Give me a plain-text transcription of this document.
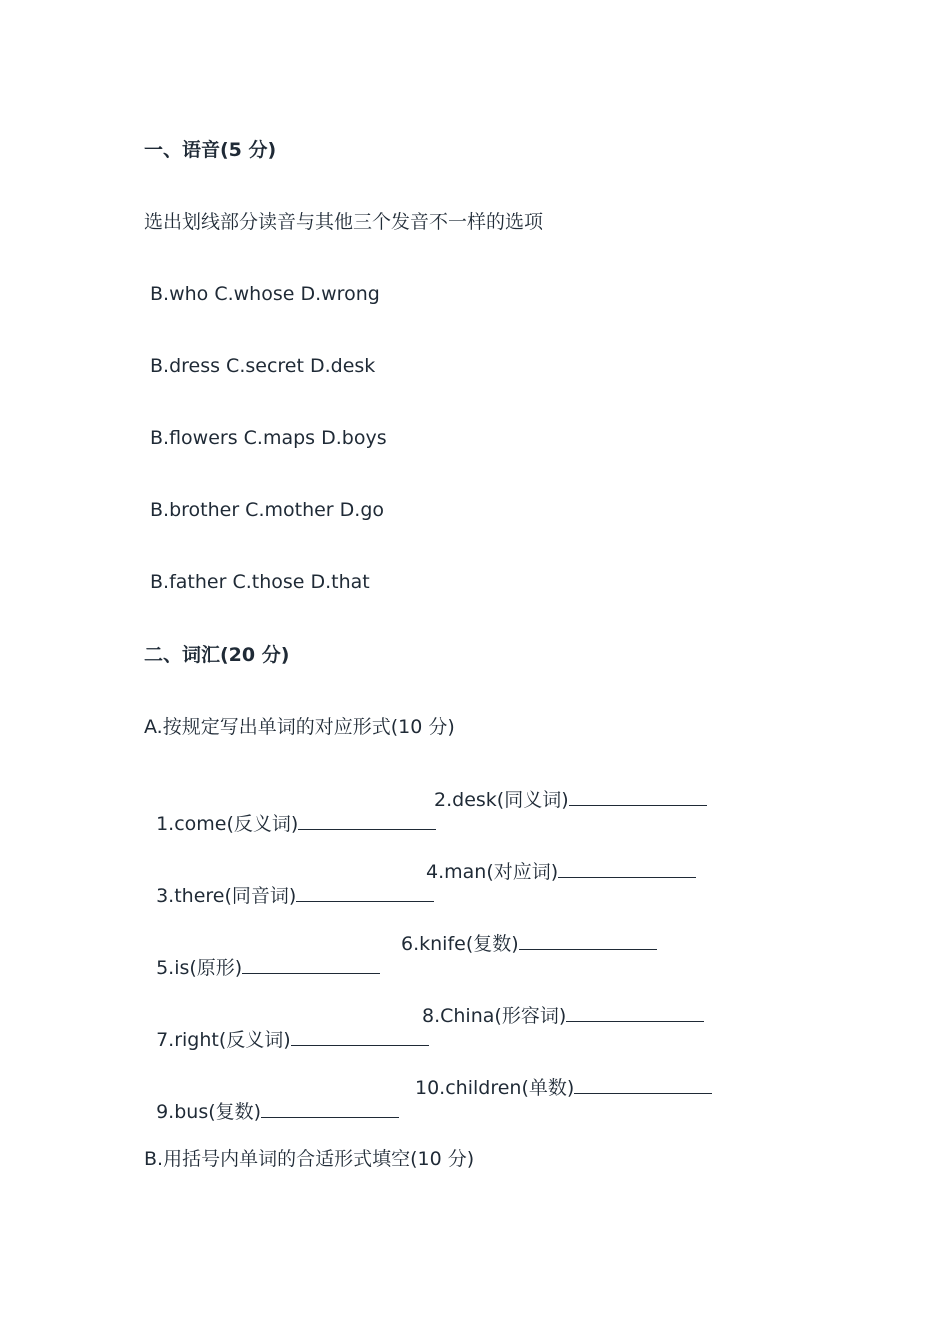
一、语音(5 分)
选出划线部分读音与其他三个发音不一样的选项
B.who C.whose D.wrong
B.dress C.secret D.desk
B.flowers C.maps D.boys
B.brother C.mother D.go
B.father C.those D.that
二、词汇(20 分)
A.按规定写出单词的对应形式(10 分)

1.come(反义词)

2.desk(同义词)

3.there(同音词)

4.man(对应词)

5.is(原形)

6.knife(复数)

7.right(反义词)

8.China(形容词)

9.bus(复数)

10.children(单数)

B.用括号内单词的合适形式填空(10 分)
